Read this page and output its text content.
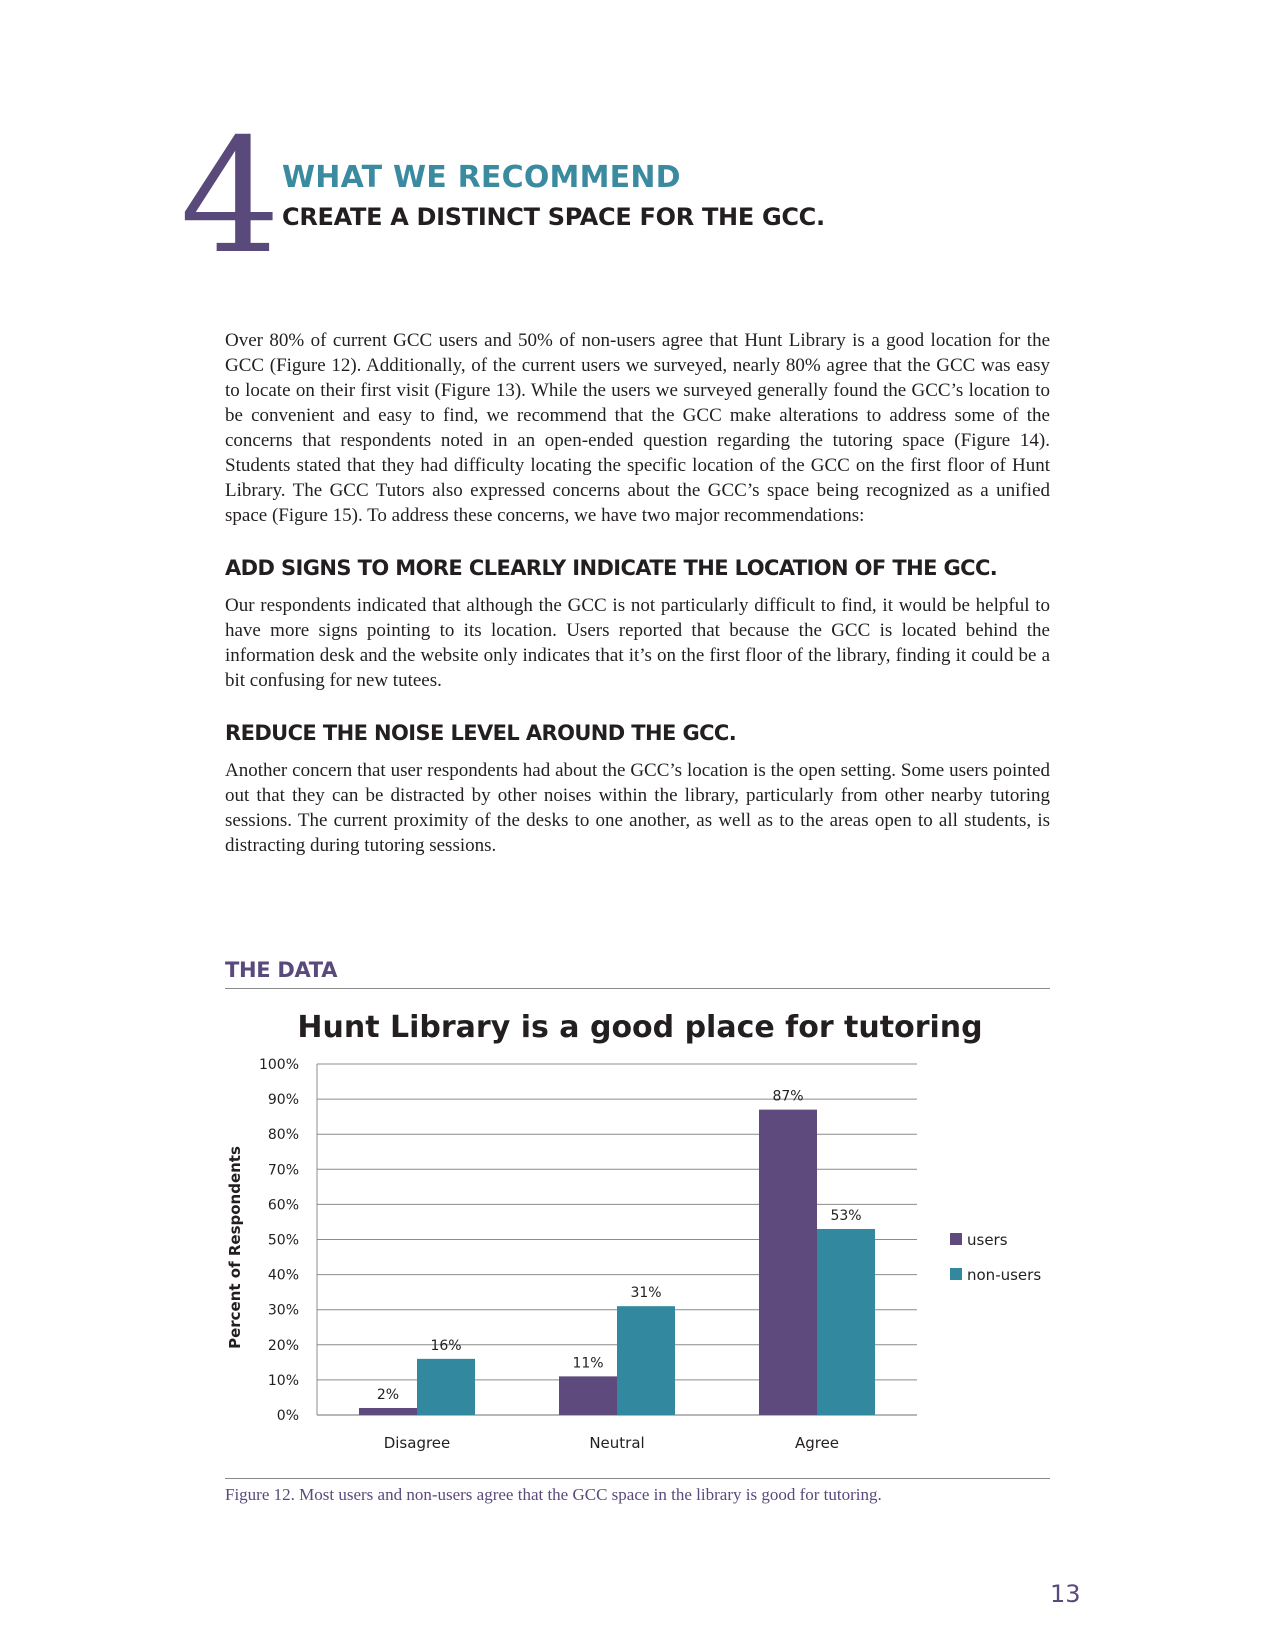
4 WHAT WE RECOMMEND
CREATE A DISTINCT SPACE FOR THE GCC.

Over 80% of current GCC users and 50% of non-users agree that Hunt Library is a good location for the GCC (Figure 12). Additionally, of the current users we surveyed, nearly 80% agree that the GCC was easy to locate on their first visit (Figure 13). While the users we surveyed generally found the GCC’s location to be convenient and easy to find, we recommend that the GCC make alterations to address some of the concerns that respondents noted in an open-ended question regarding the tutoring space (Figure 14). Students stated that they had difficulty locating the specific location of the GCC on the first floor of Hunt Library. The GCC Tutors also expressed concerns about the GCC’s space being recognized as a unified space (Figure 15). To address these concerns, we have two major recommendations:

ADD SIGNS TO MORE CLEARLY INDICATE THE LOCATION OF THE GCC.

Our respondents indicated that although the GCC is not particularly difficult to find, it would be helpful to have more signs pointing to its location. Users reported that because the GCC is located behind the information desk and the website only indicates that it’s on the first floor of the library, finding it could be a bit confusing for new tutees.

REDUCE THE NOISE LEVEL AROUND THE GCC.

Another concern that user respondents had about the GCC’s location is the open setting. Some users pointed out that they can be distracted by other noises within the library, particularly from other nearby tutoring sessions. The current proximity of the desks to one another, as well as to the areas open to all students, is distracting during tutoring sessions.

THE DATA
0%
10%
20%
30%
40%
50%
60%
70%
80%
90%
100%
Percent of Respondents
2%
16%
Disagree
11%
31%
Neutral
87%
53%
Agree
users
non-users
Hunt Library is a good place for tutoring

Figure 12. Most users and non-users agree that the GCC space in the library is good for tutoring.

13
